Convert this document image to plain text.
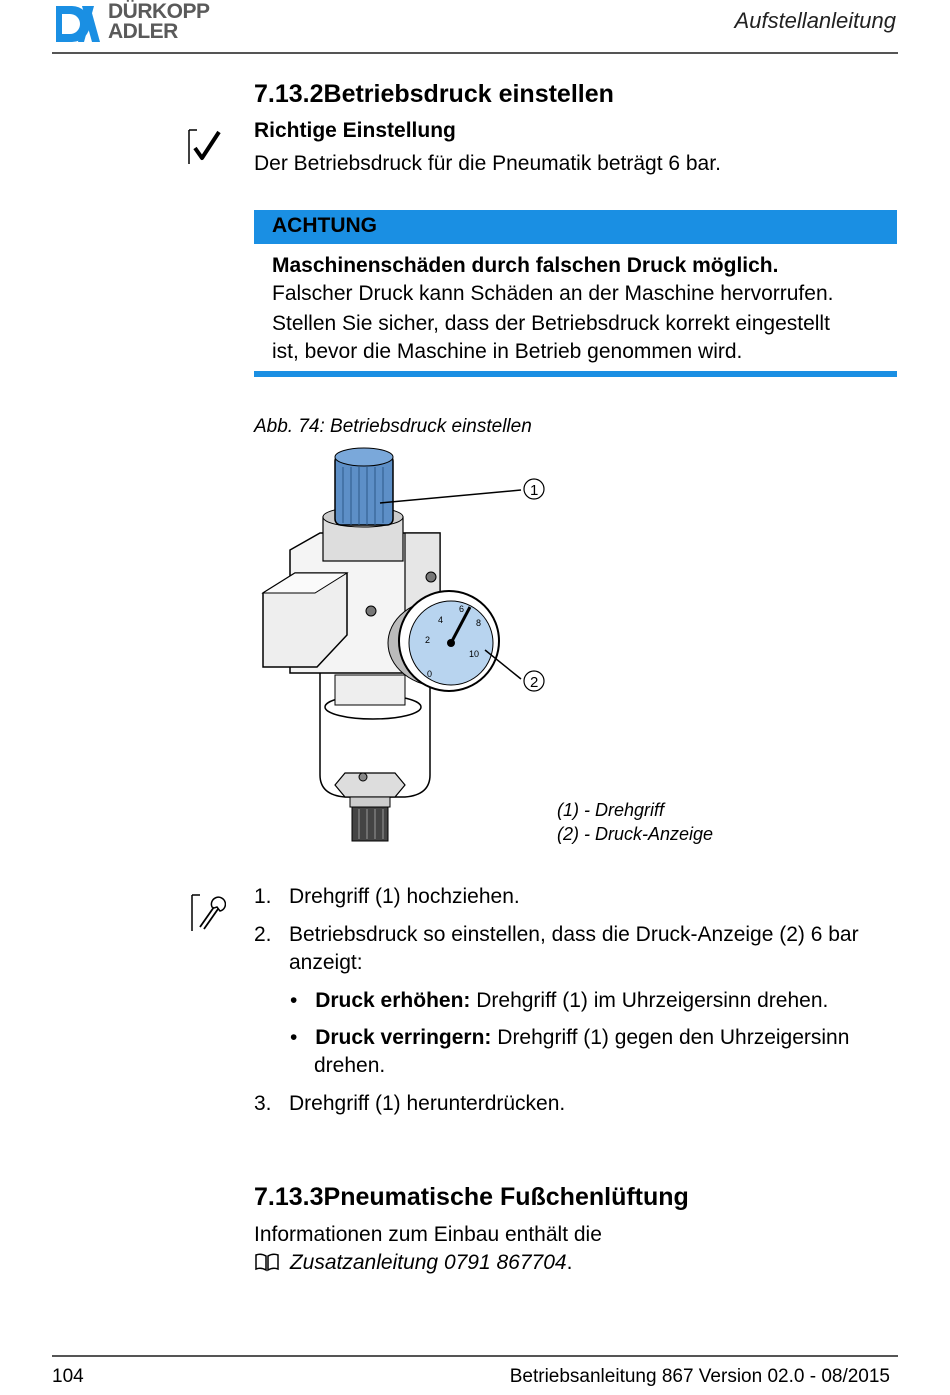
DÜRKOPP
ADLER	Aufstellanleitung
7.13.2Betriebsdruck einstellen
Richtige Einstellung
Der Betriebsdruck für die Pneumatik beträgt 6 bar.
ACHTUNG
Maschinenschäden durch falschen Druck möglich.
Falscher Druck kann Schäden an der Maschine hervorrufen.
Stellen Sie sicher, dass der Betriebsdruck korrekt eingestellt
ist, bevor die Maschine in Betrieb genommen wird.
Abb. 74: Betriebsdruck einstellen
0
2
4
6
8
10
1
2
(1) - Drehgriff
(2) - Druck-Anzeige
1. Drehgriff (1) hochziehen.
2. Betriebsdruck so einstellen, dass die Druck-Anzeige (2) 6 bar
anzeigt:
• Druck erhöhen: Drehgriff (1) im Uhrzeigersinn drehen.
• Druck verringern: Drehgriff (1) gegen den Uhrzeigersinn
drehen.
3. Drehgriff (1) herunterdrücken.
7.13.3Pneumatische Fußchenlüftung
Informationen zum Einbau enthält die
Zusatzanleitung 0791 867704.
104	Betriebsanleitung 867 Version 02.0 - 08/2015
